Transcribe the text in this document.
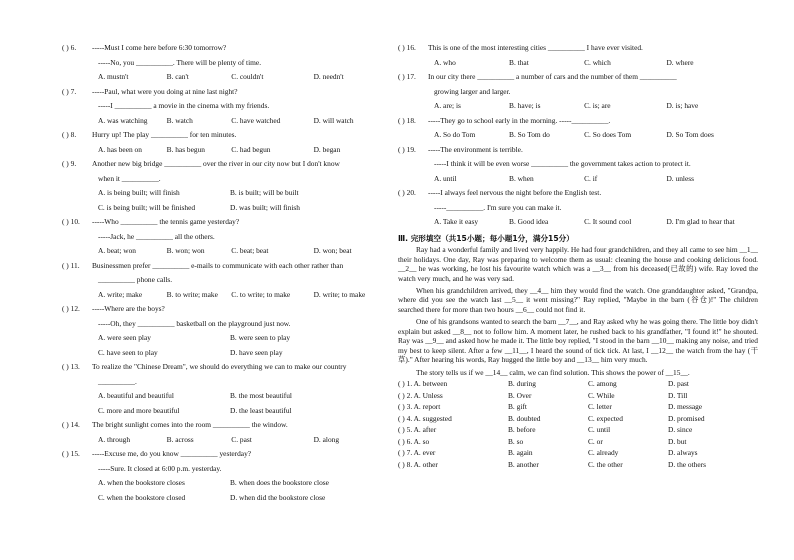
( ) 6. -----Must I come here before 6:30 tomorrow?
-----No, you __________. There will be plenty of time.
A. mustn't	B. can't	C. couldn't	D. needn't
( ) 7. -----Paul, what were you doing at nine last night?
-----I __________ a movie in the cinema with my friends.
A. was watching	B. watch	C. have watched	D. will watch
( ) 8. Hurry up! The play __________ for ten minutes.
A. has been on	B. has begun	C. had begun	D. began
( ) 9. Another new big bridge __________ over the river in our city now but I don't know
when it __________.
A. is being built; will finish	B. is built; will be built
C. is being built; will be finished	D. was built; will finish
( ) 10. -----Who __________ the tennis game yesterday?
-----Jack, he __________ all the others.
A. beat; won	B. won; won	C. beat; beat	D. won; beat
( ) 11. Businessmen prefer __________ e-mails to communicate with each other rather than
__________ phone calls.
A. write; make	B. to write; make	C. to write; to make	D. write; to make
( ) 12. -----Where are the boys?
-----Oh, they __________ basketball on the playground just now.
A. were seen play	B. were seen to play
C. have seen to play	D. have seen play
( ) 13. To realize the "Chinese Dream", we should do everything we can to make our country
__________.
A. beautiful and beautiful	B. the most beautiful
C. more and more beautiful	D. the least beautiful
( ) 14. The bright sunlight comes into the room __________ the window.
A. through	B. across	C. past	D. along
( ) 15. -----Excuse me, do you know __________ yesterday?
-----Sure. It closed at 6:00 p.m. yesterday.
A. when the bookstore closes	B. when does the bookstore close
C. when the bookstore closed	D. when did the bookstore close
( ) 16. This is one of the most interesting cities __________ I have ever visited.
A. who	B. that	C. which	D. where
( ) 17. In our city there __________ a number of cars and the number of them __________
growing larger and larger.
A. are; is	B. have; is	C. is; are	D. is; have
( ) 18. -----They go to school early in the morning. -----__________.
A. So do Tom	B. So Tom do	C. So does Tom	D. So Tom does
( ) 19. -----The environment is terrible.
-----I think it will be even worse __________ the government takes action to protect it.
A. until	B. when	C. if	D. unless
( ) 20. -----I always feel nervous the night before the English test.
-----__________. I'm sure you can make it.
A. Take it easy	B. Good idea	C. It sound cool	D. I'm glad to hear that
Ⅲ. 完形填空（共15小题；每小题1分，满分15分）

Ray had a wonderful family and lived very happily. He had four grandchildren, and they all came to see him __1__ their holidays. One day, Ray was preparing to welcome them as usual: cleaning the house and cooking delicious food. __2__ he was working, he lost his favourite watch which was a __3__ from his deceased(已故的) wife. Ray loved the watch very much, and he was very sad.

When his grandchildren arrived, they __4__ him they would find the watch. One granddaughter asked, "Grandpa, where did you see the watch last __5__ it went missing?" Ray replied, "Maybe in the barn (谷仓)!" The children searched there for more than two hours __6__ could not find it.

One of his grandsons wanted to search the barn __7__, and Ray asked why he was going there. The little boy didn't explain but asked __8__ not to follow him. A moment later, he rushed back to his grandfather, "I found it!" he shouted. Ray was __9__ and asked how he made it. The little boy replied, "I stood in the barn __10__ making any noise, and tried my best to keep silent. After a few __11__, I heard the sound of tick tick. At last, I __12__ the watch from the hay (干草)." After hearing his words, Ray hugged the little boy and __13__ him very much.

The story tells us if we __14__ calm, we can find solution. This shows the power of __15__.

( ) 1. A. between	B. during	C. among	D. past
( ) 2. A. Unless	B. Over	C. While	D. Till
( ) 3. A. report	B. gift	C. letter	D. message
( ) 4. A. suggested	B. doubted	C. expected	D. promised
( ) 5. A. after	B. before	C. until	D. since
( ) 6. A. so	B. so	C. or	D. but
( ) 7. A. ever	B. again	C. already	D. always
( ) 8. A. other	B. another	C. the other	D. the others
